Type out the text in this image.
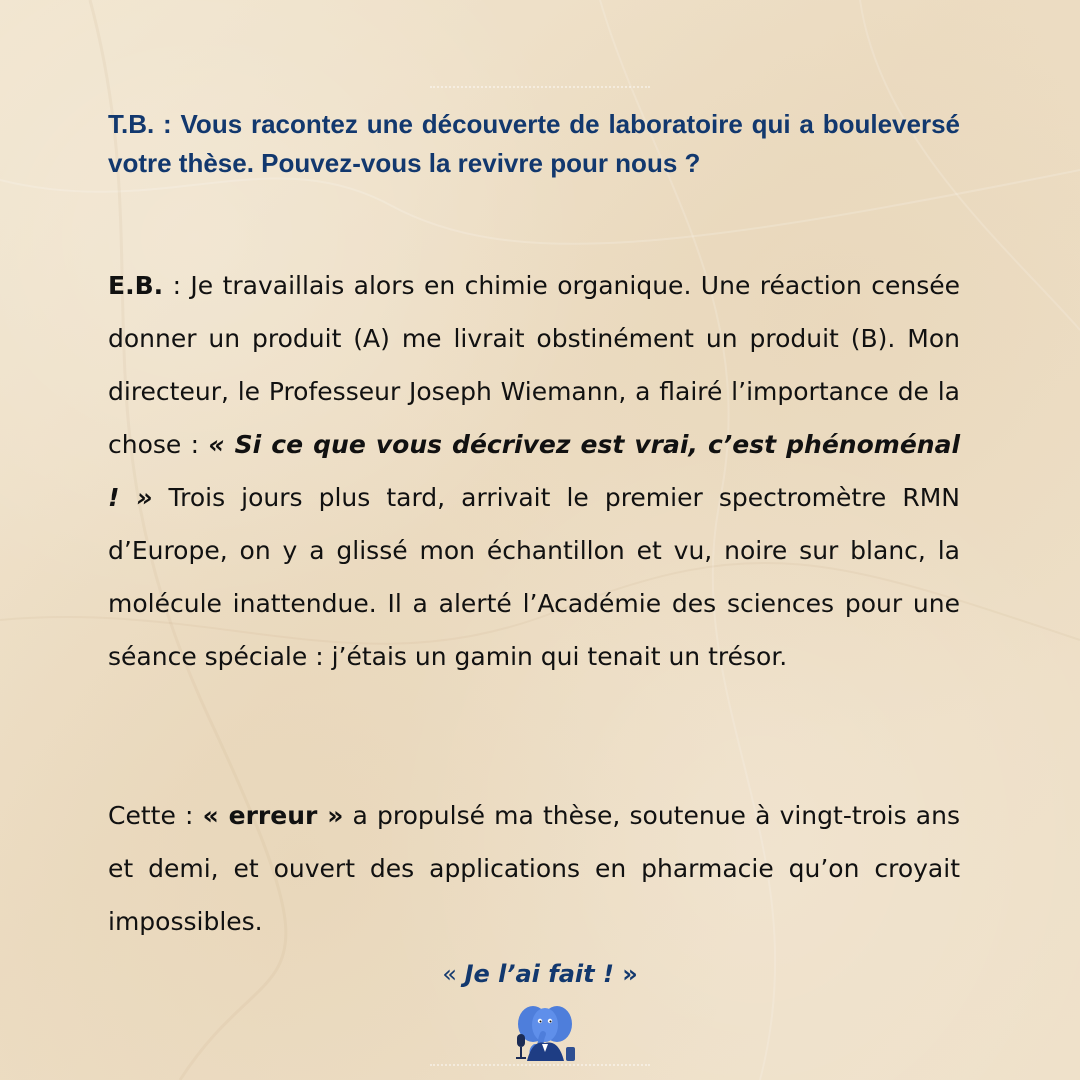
T.B. : Vous racontez une découverte de laboratoire qui a bouleversé votre thèse. Pouvez-vous la revivre pour nous ?

E.B. : Je travaillais alors en chimie organique. Une réaction censée donner un produit (A) me livrait obstinément un produit (B). Mon directeur, le Professeur Joseph Wiemann, a flairé l’importance de la chose : « Si ce que vous décrivez est vrai, c’est phénoménal ! » Trois jours plus tard, arrivait le premier spectromètre RMN d’Europe, on y a glissé mon échantillon et vu, noire sur blanc, la molécule inattendue. Il a alerté l’Académie des sciences pour une séance spéciale : j’étais un gamin qui tenait un trésor.

Cette : « erreur » a propulsé ma thèse, soutenue à vingt-trois ans et demi, et ouvert des applications en pharmacie qu’on croyait impossibles.

« Je l’ai fait ! »
